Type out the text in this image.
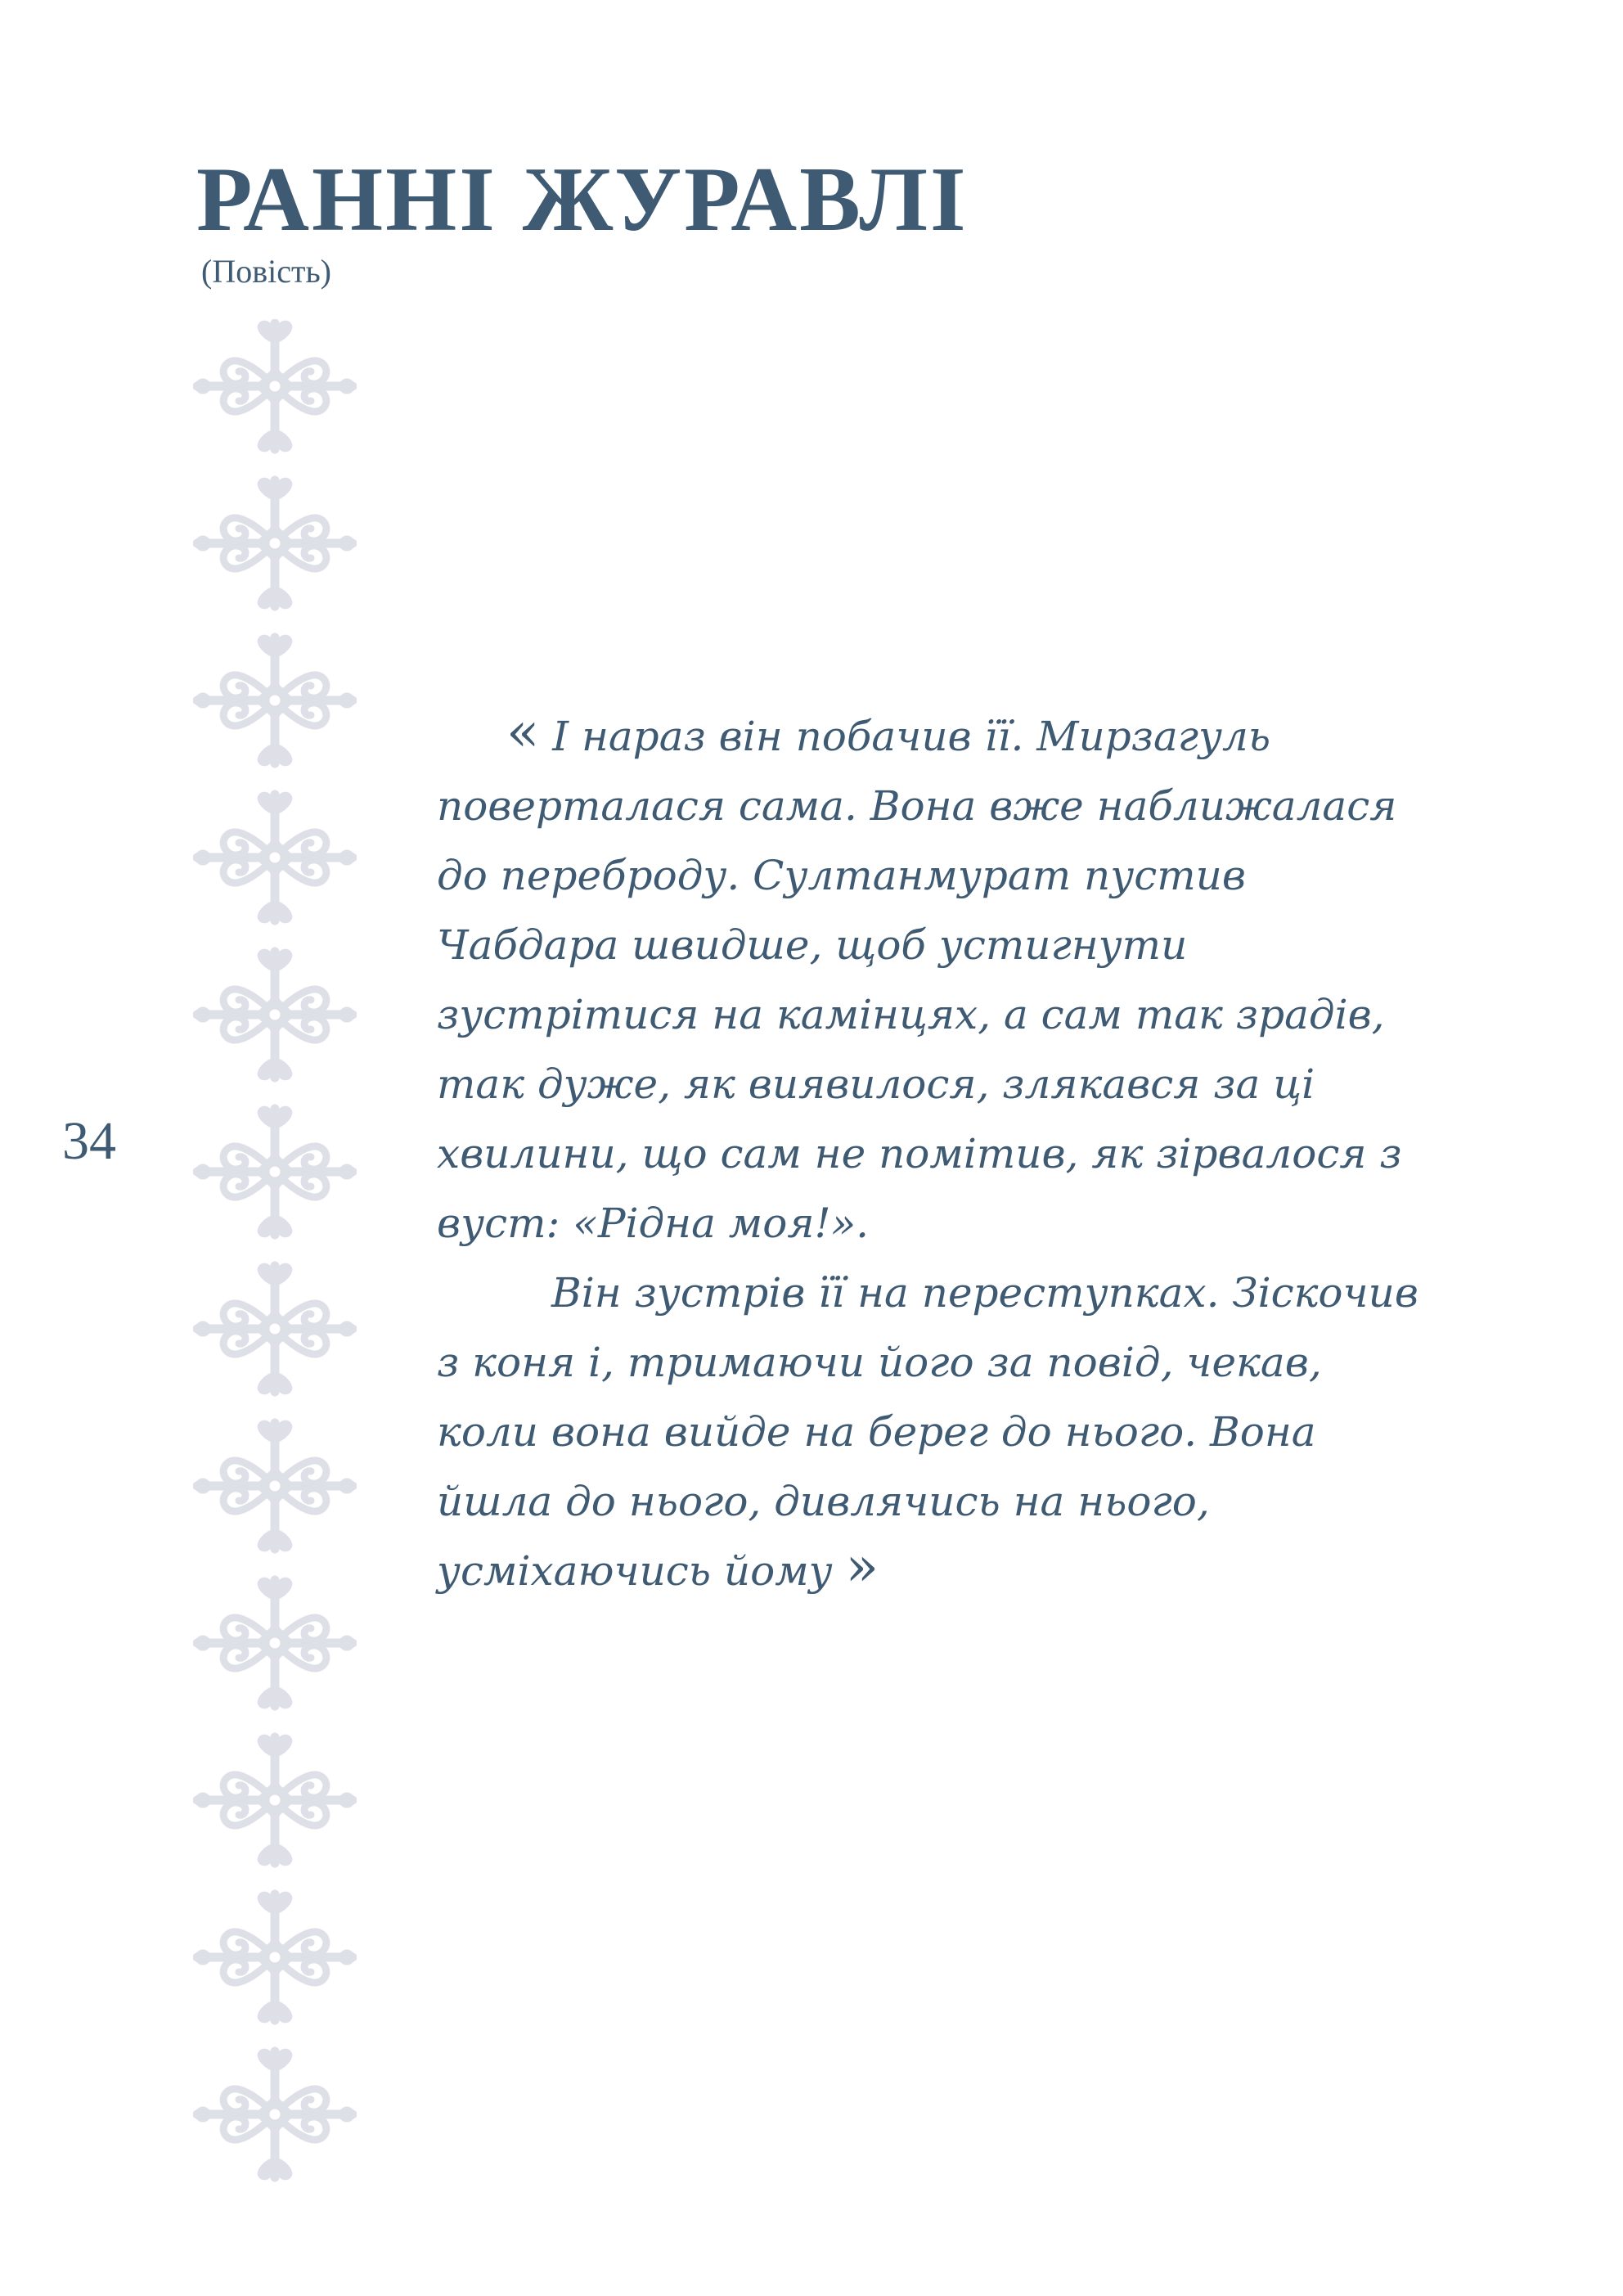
РАННІ ЖУРАВЛІ
(Повість)
34

« І нараз він побачив її. Мирзагуль поверталася сама. Вона вже наближалася до переброду. Султанмурат пустив Чабдара швидше, щоб устигнути зустрітися на камінцях, а сам так зрадів, так дуже, як виявилося, злякався за ці хвилини, що сам не помітив, як зірвалося з вуст: «Рідна моя!».

Він зустрів її на переступках. Зіскочив з коня і, тримаючи його за повід, чекав, коли вона вийде на берег до нього. Вона йшла до нього, дивлячись на нього, усміхаючись йому »
